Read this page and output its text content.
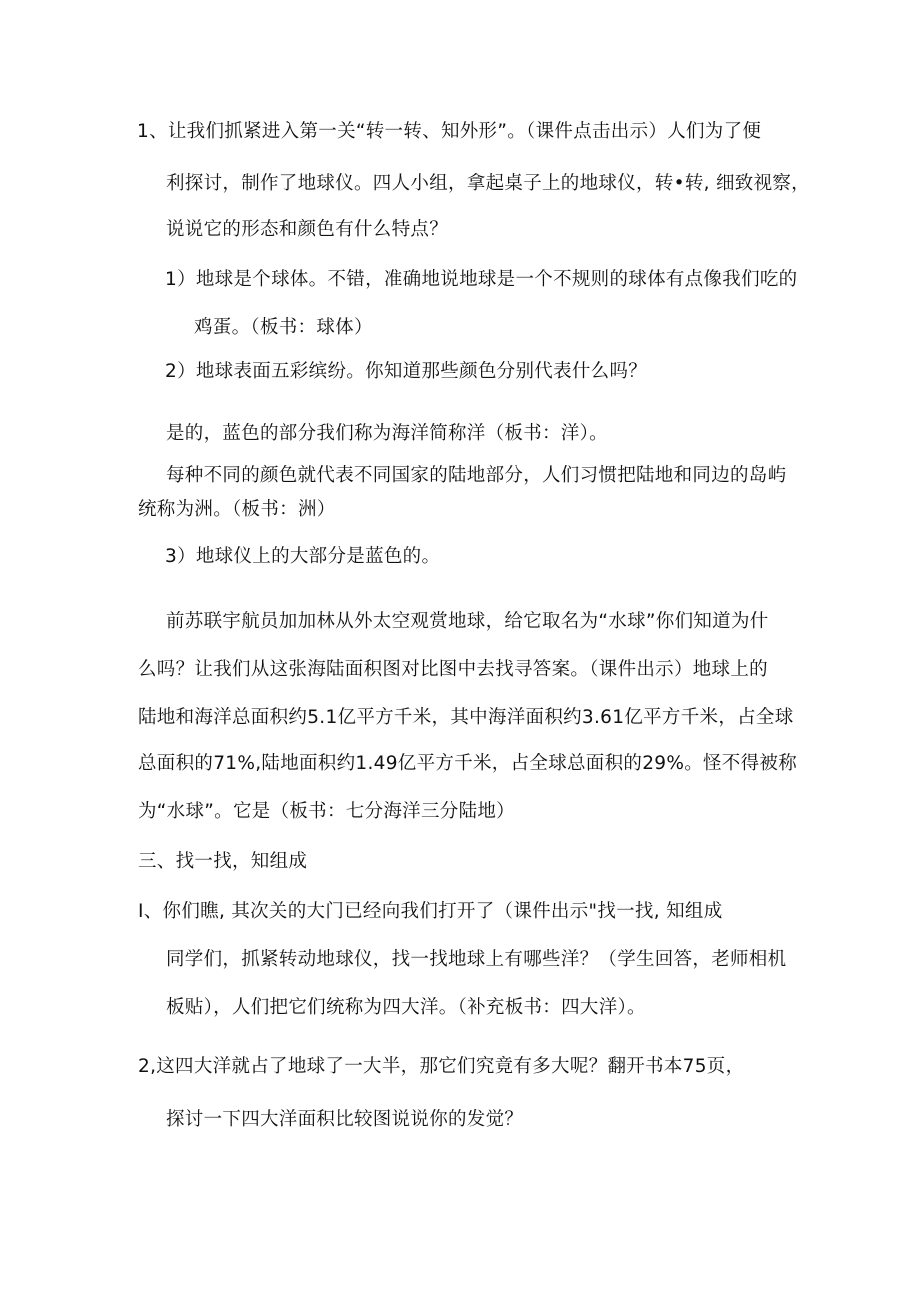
1、让我们抓紧进入第一关“转一转、知外形”。（课件点击出示）人们为了便
利探讨，制作了地球仪。四人小组，拿起桌子上的地球仪，转•转, 细致视察，
说说它的形态和颜色有什么特点？
1）地球是个球体。不错，准确地说地球是一个不规则的球体有点像我们吃的
鸡蛋。（板书：球体）
2）地球表面五彩缤纷。你知道那些颜色分别代表什么吗？
是的，蓝色的部分我们称为海洋简称洋（板书：洋）。
每种不同的颜色就代表不同国家的陆地部分，人们习惯把陆地和同边的岛屿
统称为洲。（板书：洲）
3）地球仪上的大部分是蓝色的。
前苏联宇航员加加林从外太空观赏地球，给它取名为“水球”你们知道为什
么吗？让我们从这张海陆面积图对比图中去找寻答案。（课件出示）地球上的
陆地和海洋总面积约5.1亿平方千米，其中海洋面积约3.61亿平方千米，占全球
总面积的71%,陆地面积约1.49亿平方千米，占全球总面积的29%。怪不得被称
为“水球”。它是（板书：七分海洋三分陆地）
三、找一找，知组成
I、你们瞧, 其次关的大门已经向我们打开了（课件出示"找一找, 知组成
同学们，抓紧转动地球仪，找一找地球上有哪些洋？（学生回答，老师相机
板贴），人们把它们统称为四大洋。（补充板书：四大洋）。
2,这四大洋就占了地球了一大半，那它们究竟有多大呢？翻开书本75页，
探讨一下四大洋面积比较图说说你的发觉？
